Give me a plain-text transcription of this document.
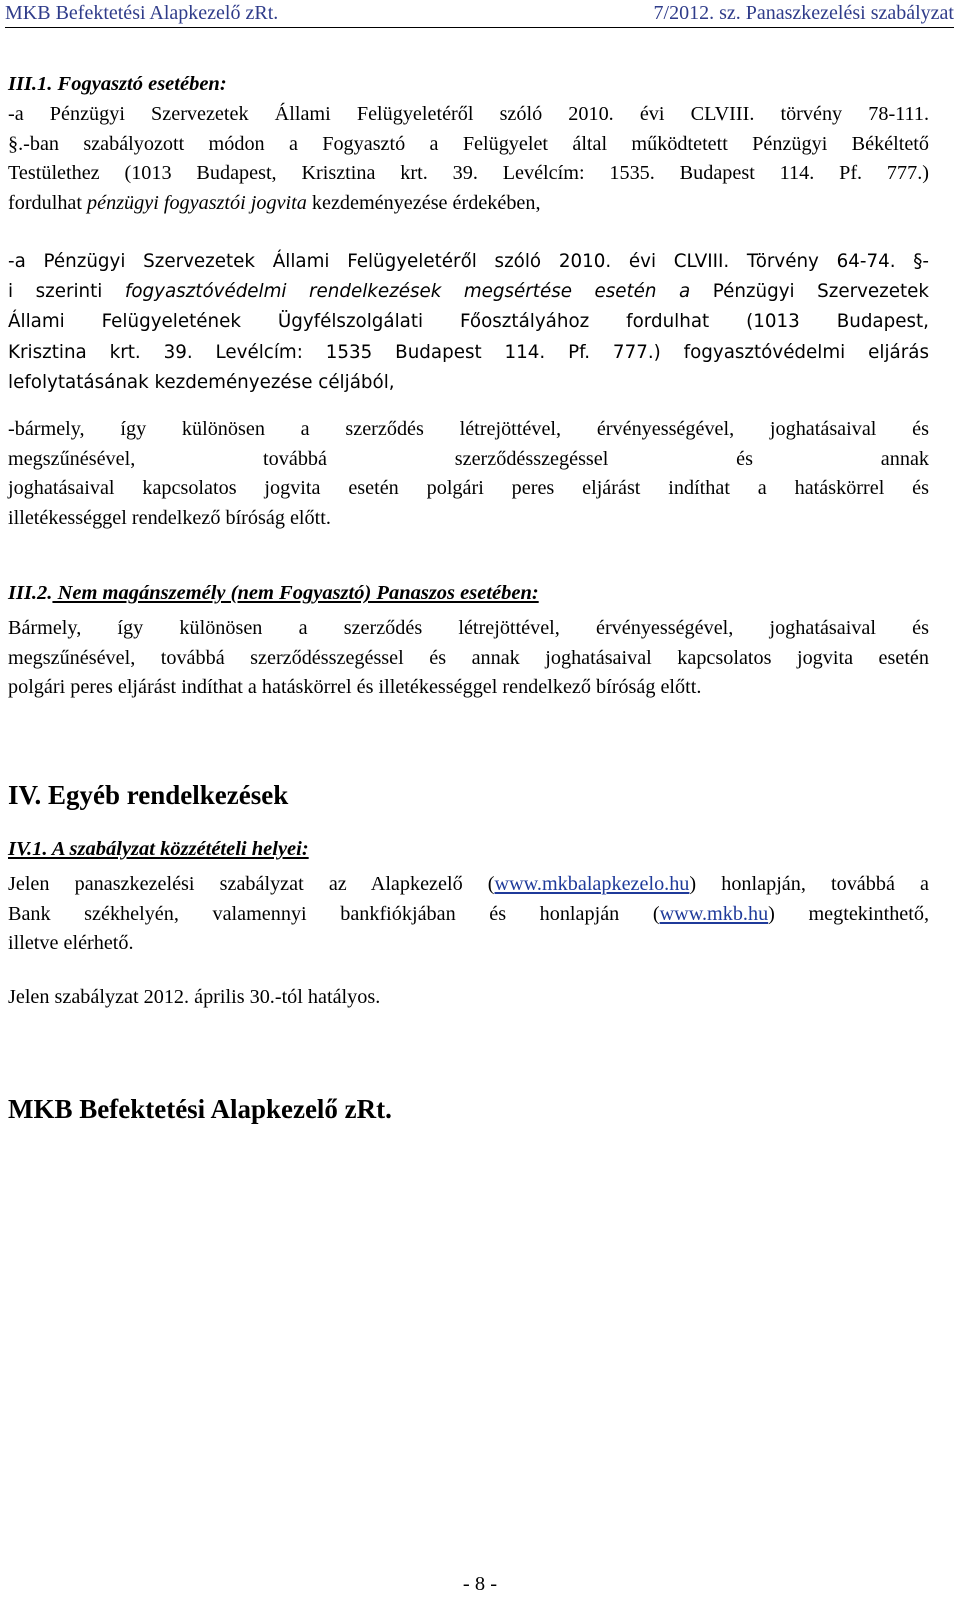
MKB Befektetési Alapkezelő zRt.	7/2012. sz. Panaszkezelési szabályzat
III.1. Fogyasztó esetében:
-a Pénzügyi Szervezetek Állami Felügyeletéről szóló 2010. évi CLVIII. törvény 78-111.
§.-ban szabályozott módon a Fogyasztó a Felügyelet által működtetett Pénzügyi Békéltető
Testülethez (1013 Budapest, Krisztina krt. 39. Levélcím: 1535. Budapest 114. Pf. 777.)
fordulhat pénzügyi fogyasztói jogvita kezdeményezése érdekében,
-a Pénzügyi Szervezetek Állami Felügyeletéről szóló 2010. évi CLVIII. Törvény 64-74. §-
i szerinti fogyasztóvédelmi rendelkezések megsértése esetén a Pénzügyi Szervezetek
Állami Felügyeletének Ügyfélszolgálati Főosztályához fordulhat (1013 Budapest,
Krisztina krt. 39. Levélcím: 1535 Budapest 114. Pf. 777.) fogyasztóvédelmi eljárás
lefolytatásának kezdeményezése céljából,
-bármely, így különösen a szerződés létrejöttével, érvényességével, joghatásaival és
megszűnésével, továbbá szerződésszegéssel és annak
joghatásaival kapcsolatos jogvita esetén polgári peres eljárást indíthat a hatáskörrel és
illetékességgel rendelkező bíróság előtt.
III.2. Nem magánszemély (nem Fogyasztó) Panaszos esetében:
Bármely, így különösen a szerződés létrejöttével, érvényességével, joghatásaival és
megszűnésével, továbbá szerződésszegéssel és annak joghatásaival kapcsolatos jogvita esetén
polgári peres eljárást indíthat a hatáskörrel és illetékességgel rendelkező bíróság előtt.
IV. Egyéb rendelkezések
IV.1. A szabályzat közzétételi helyei:
Jelen panaszkezelési szabályzat az Alapkezelő (www.mkbalapkezelo.hu) honlapján, továbbá a
Bank székhelyén, valamennyi bankfiókjában és honlapján (www.mkb.hu) megtekinthető,
illetve elérhető.
Jelen szabályzat 2012. április 30.-tól hatályos.
MKB Befektetési Alapkezelő zRt.
- 8 -
